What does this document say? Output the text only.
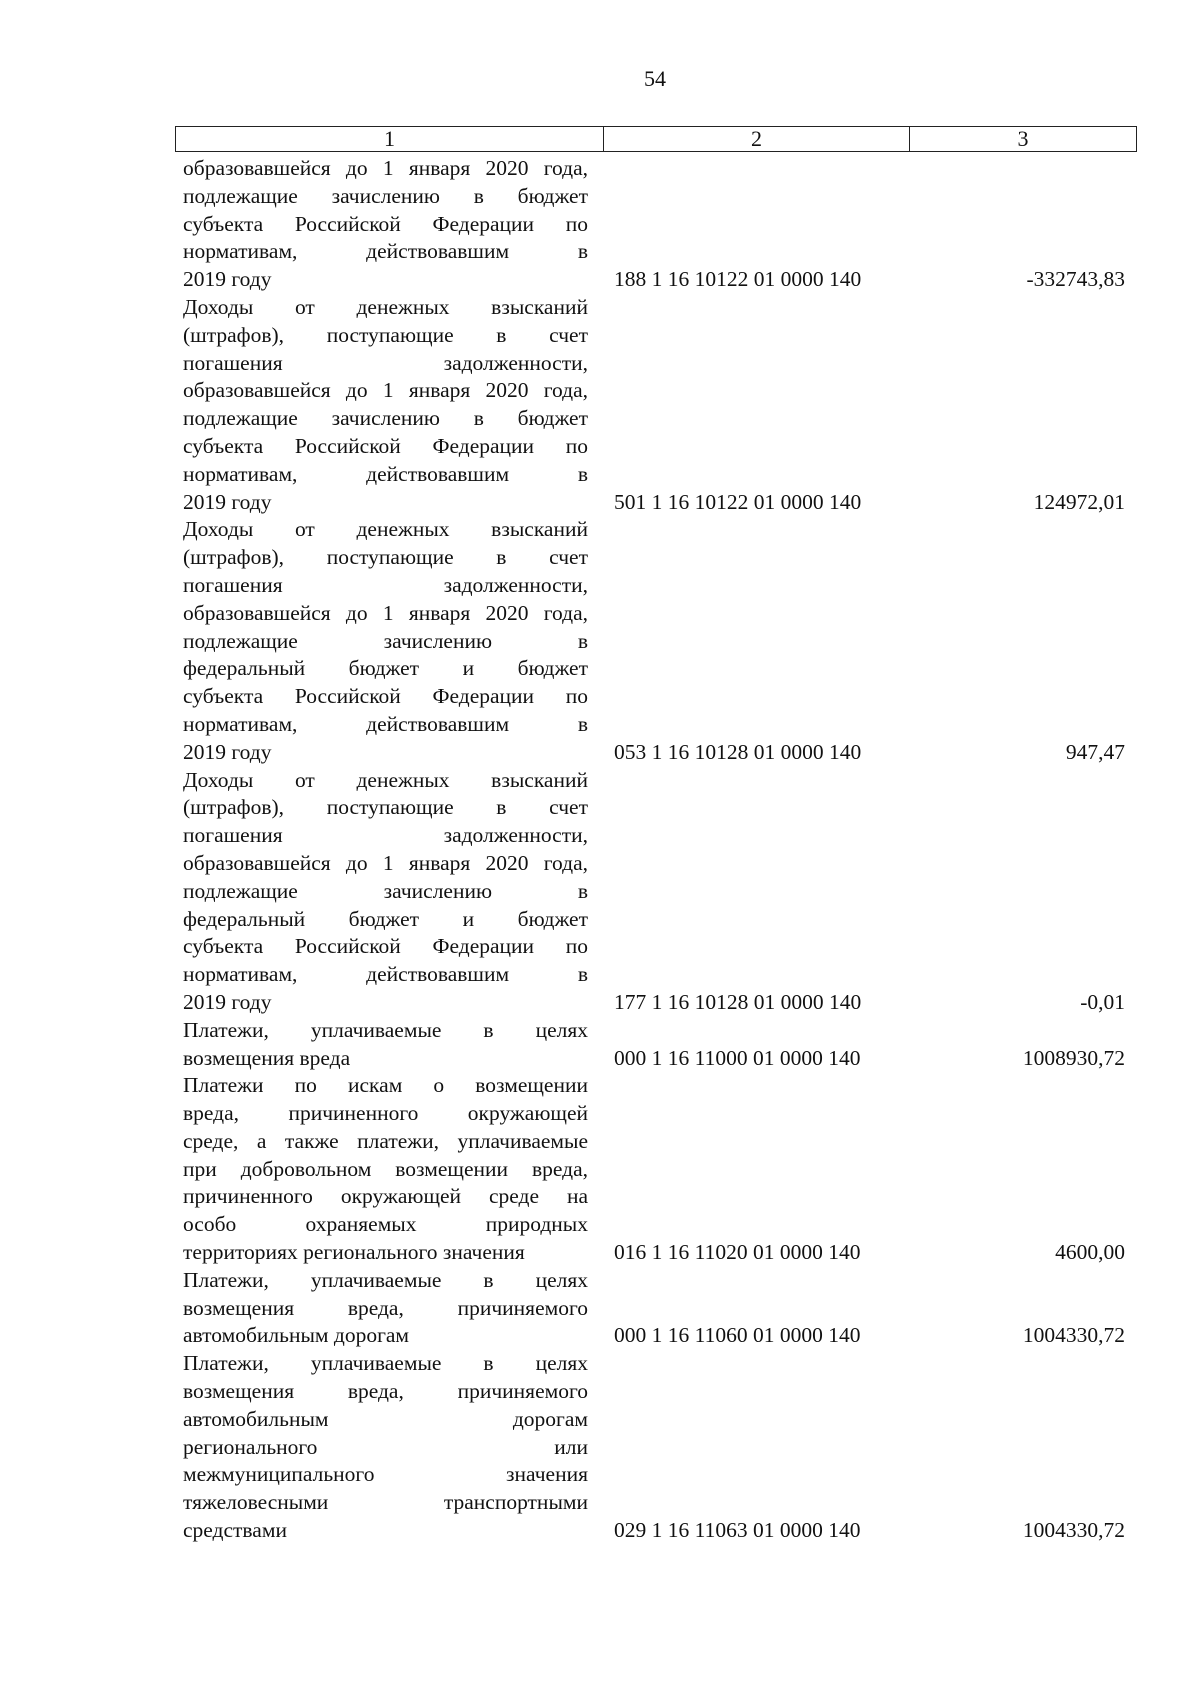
54
1	2	3
образовавшейся до 1 января 2020 года,
подлежащие зачислению в бюджет
субъекта Российской Федерации по
нормативам, действовавшим в
2019 году	188 1 16 10122 01 0000 140	-332743,83
Доходы от денежных взысканий
(штрафов), поступающие в счет
погашения задолженности,
образовавшейся до 1 января 2020 года,
подлежащие зачислению в бюджет
субъекта Российской Федерации по
нормативам, действовавшим в
2019 году	501 1 16 10122 01 0000 140	124972,01
Доходы от денежных взысканий
(штрафов), поступающие в счет
погашения задолженности,
образовавшейся до 1 января 2020 года,
подлежащие зачислению в
федеральный бюджет и бюджет
субъекта Российской Федерации по
нормативам, действовавшим в
2019 году	053 1 16 10128 01 0000 140	947,47
Доходы от денежных взысканий
(штрафов), поступающие в счет
погашения задолженности,
образовавшейся до 1 января 2020 года,
подлежащие зачислению в
федеральный бюджет и бюджет
субъекта Российской Федерации по
нормативам, действовавшим в
2019 году	177 1 16 10128 01 0000 140	-0,01
Платежи, уплачиваемые в целях
возмещения вреда	000 1 16 11000 01 0000 140	1008930,72
Платежи по искам о возмещении
вреда, причиненного окружающей
среде, а также платежи, уплачиваемые
при добровольном возмещении вреда,
причиненного окружающей среде на
особо охраняемых природных
территориях регионального значения	016 1 16 11020 01 0000 140	4600,00
Платежи, уплачиваемые в целях
возмещения вреда, причиняемого
автомобильным дорогам	000 1 16 11060 01 0000 140	1004330,72
Платежи, уплачиваемые в целях
возмещения вреда, причиняемого
автомобильным дорогам
регионального или
межмуниципального значения
тяжеловесными транспортными
средствами	029 1 16 11063 01 0000 140	1004330,72
